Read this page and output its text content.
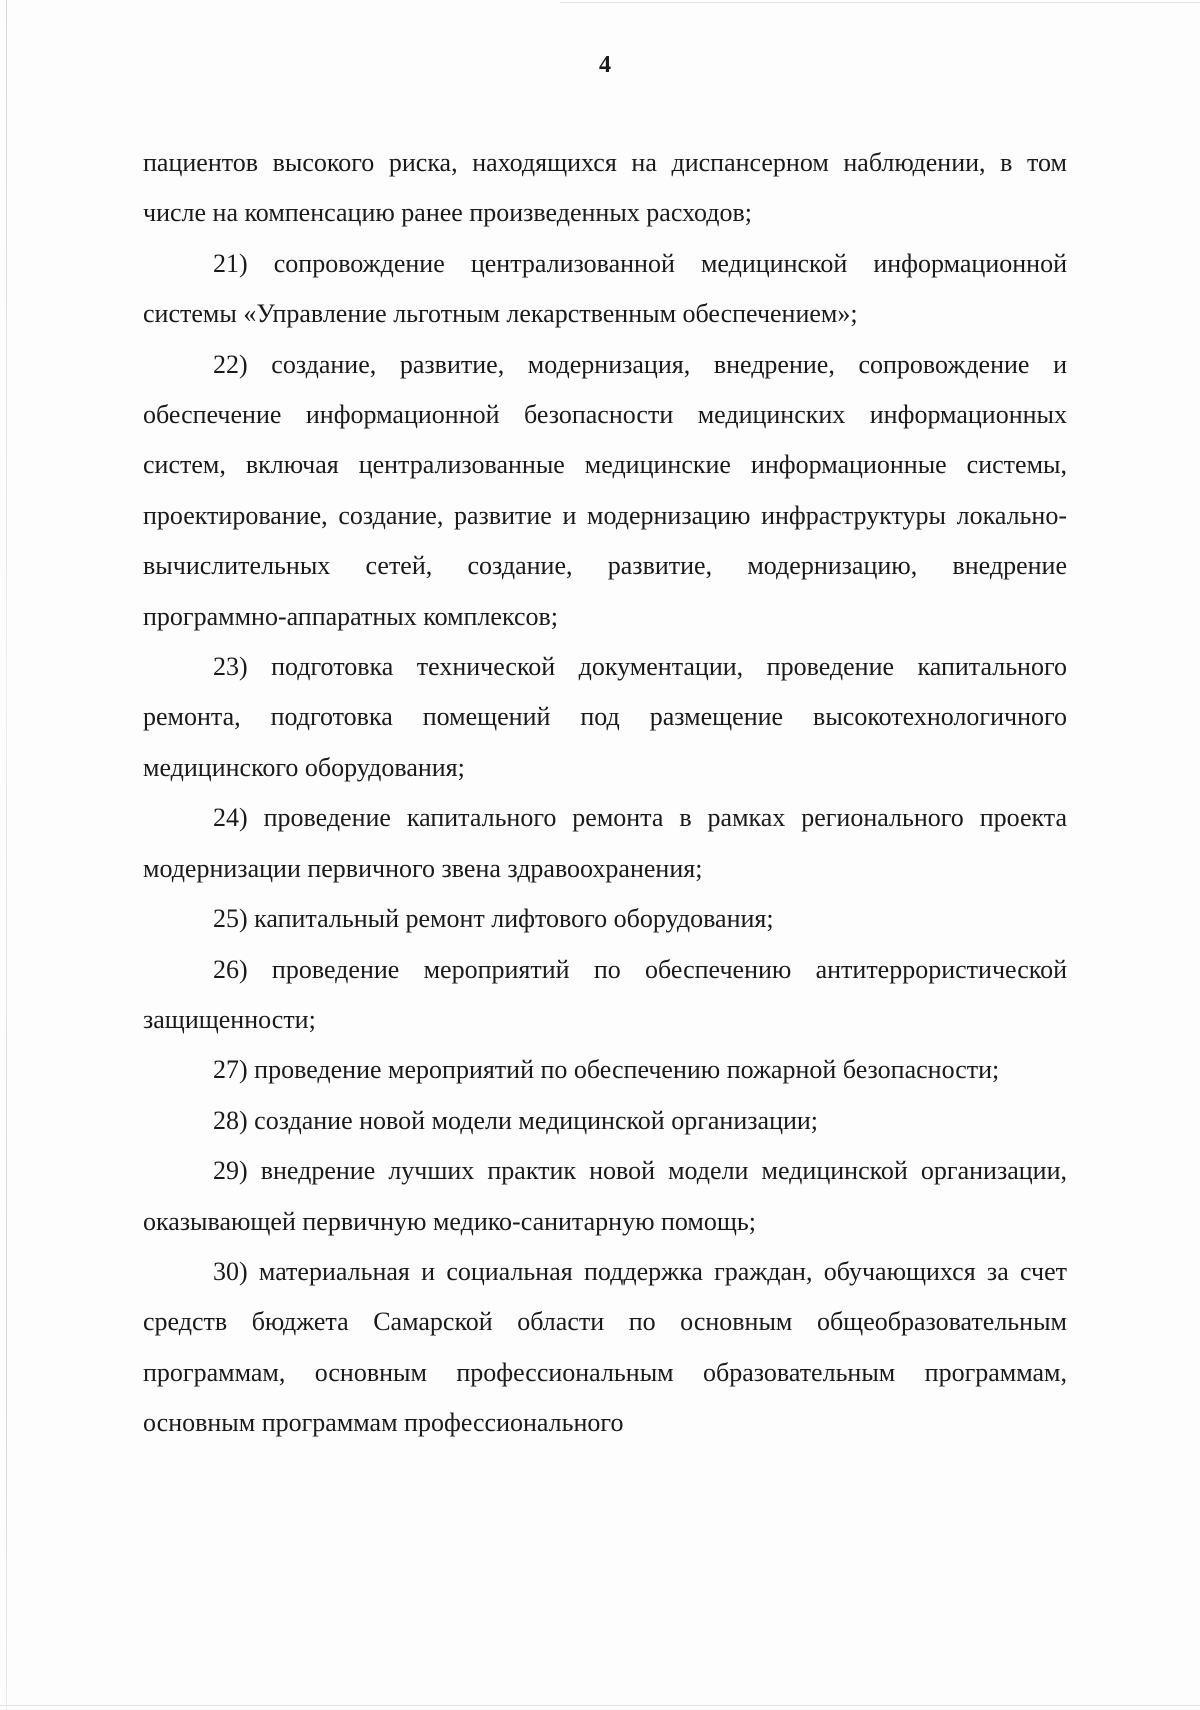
4

пациентов высокого риска, находящихся на диспансерном наблюдении, в том числе на компенсацию ранее произведенных расходов;

21) сопровождение централизованной медицинской информационной системы «Управление льготным лекарственным обеспечением»;

22) создание, развитие, модернизация, внедрение, сопровождение и обеспечение информационной безопасности медицинских информационных систем, включая централизованные медицинские информационные системы, проектирование, создание, развитие и модернизацию инфраструктуры локально-вычислительных сетей, создание, развитие, модернизацию, внедрение программно-аппаратных комплексов;

23) подготовка технической документации, проведение капитального ремонта, подготовка помещений под размещение высокотехнологичного медицинского оборудования;

24) проведение капитального ремонта в рамках регионального проекта модернизации первичного звена здравоохранения;

25) капитальный ремонт лифтового оборудования;

26) проведение мероприятий по обеспечению антитеррористической защищенности;

27) проведение мероприятий по обеспечению пожарной безопасности;

28) создание новой модели медицинской организации;

29) внедрение лучших практик новой модели медицинской организации, оказывающей первичную медико-санитарную помощь;

30) материальная и социальная поддержка граждан, обучающихся за счет средств бюджета Самарской области по основным общеобразовательным программам, основным профессиональным образовательным программам, основным программам профессионального
